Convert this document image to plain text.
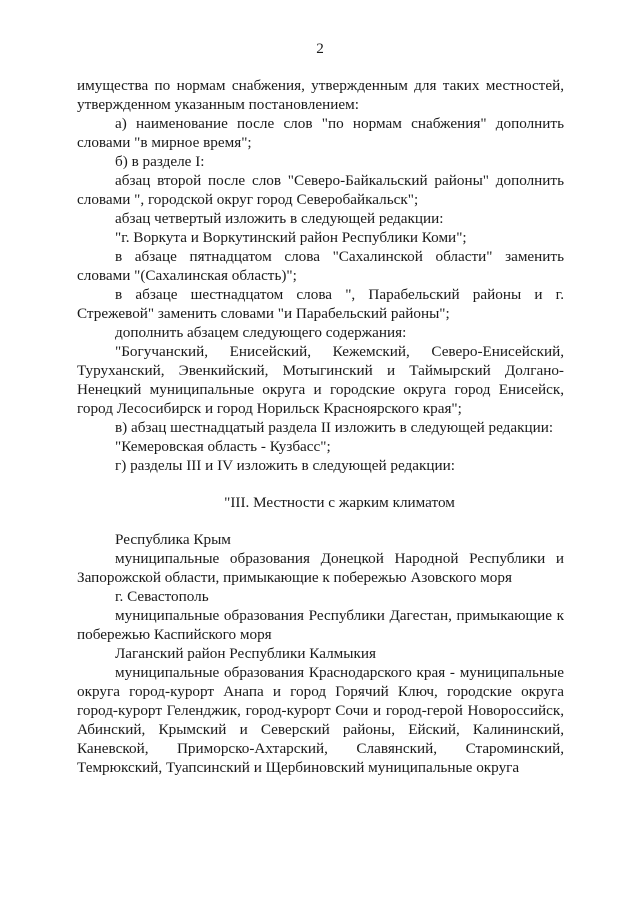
2

имущества по нормам снабжения, утвержденным для таких местностей, утвержденном указанным постановлением:

а) наименование после слов "по нормам снабжения" дополнить словами "в мирное время";

б) в разделе I:

абзац второй после слов "Северо-Байкальский районы" дополнить словами ", городской округ город Северобайкальск";

абзац четвертый изложить в следующей редакции:

"г. Воркута и Воркутинский район Республики Коми";

в абзаце пятнадцатом слова "Сахалинской области" заменить словами "(Сахалинская область)";

в абзаце шестнадцатом слова ", Парабельский районы и г. Стрежевой" заменить словами "и Парабельский районы";

дополнить абзацем следующего содержания:

"Богучанский, Енисейский, Кежемский, Северо-Енисейский, Туруханский, Эвенкийский, Мотыгинский и Таймырский Долгано-Ненецкий муниципальные округа и городские округа город Енисейск, город Лесосибирск и город Норильск Красноярского края";

в) абзац шестнадцатый раздела II изложить в следующей редакции:

"Кемеровская область - Кузбасс";

г) разделы III и IV изложить в следующей редакции:

"III. Местности с жарким климатом

Республика Крым

муниципальные образования Донецкой Народной Республики и Запорожской области, примыкающие к побережью Азовского моря

г. Севастополь

муниципальные образования Республики Дагестан, примыкающие к побережью Каспийского моря

Лаганский район Республики Калмыкия

муниципальные образования Краснодарского края - муниципальные округа город-курорт Анапа и город Горячий Ключ, городские округа город-курорт Геленджик, город-курорт Сочи и город-герой Новороссийск, Абинский, Крымский и Северский районы, Ейский, Калининский, Каневской, Приморско-Ахтарский, Славянский, Староминский, Темрюкский, Туапсинский и Щербиновский муниципальные округа
